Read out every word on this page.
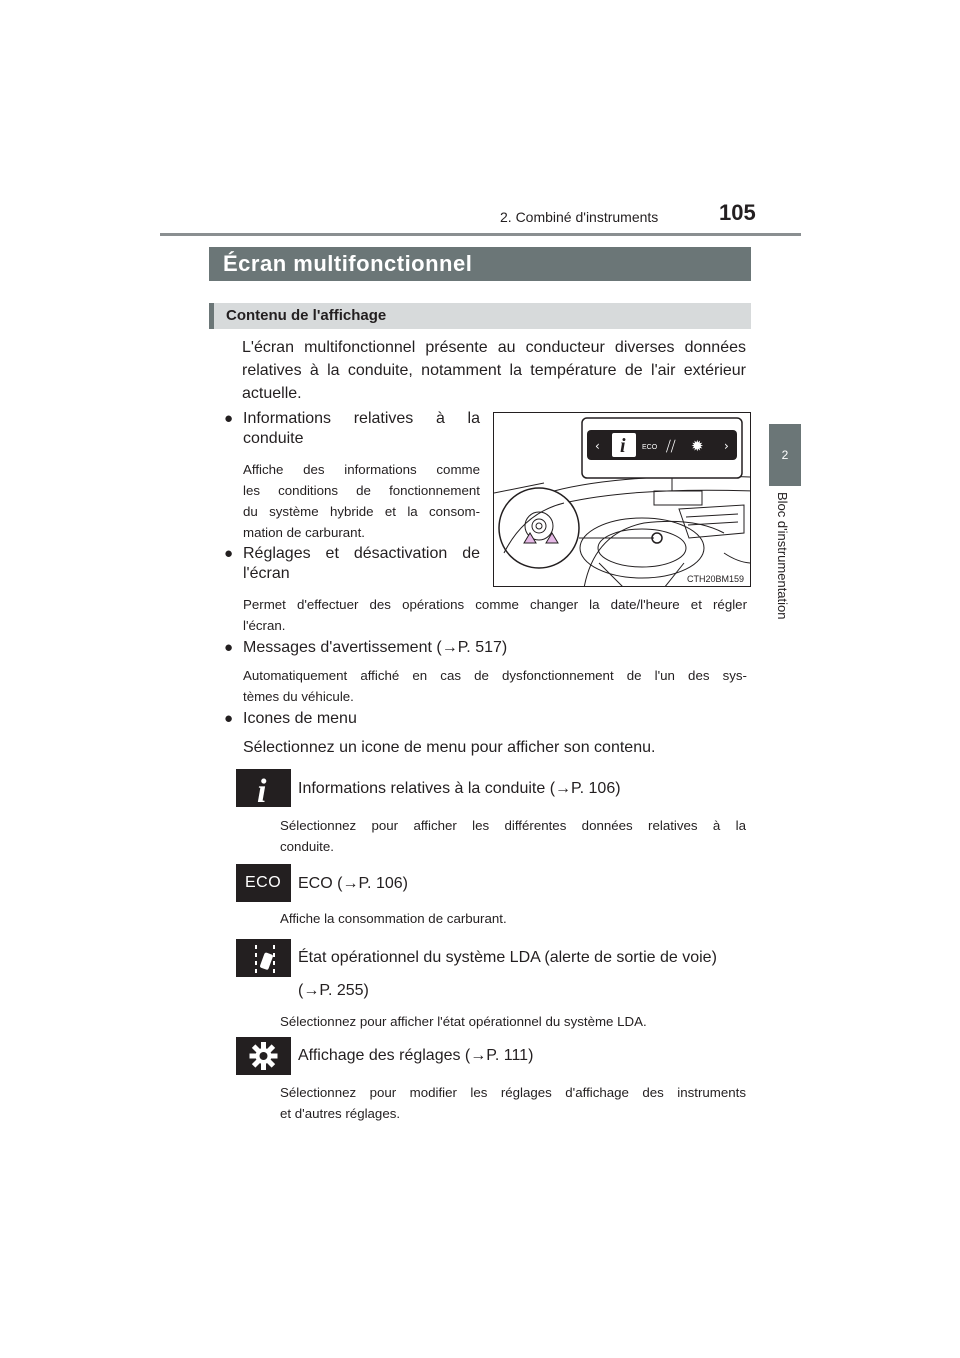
2. Combiné d'instruments	105
2
Bloc d'instrumentation
Écran multifonctionnel
Contenu de l'affichage
L'écran multifonctionnel présente au conducteur diverses données relatives à la conduite, notamment la température de l'air extérieur actuelle.
● Informations relatives à la
conduite
Affiche des informations comme
les conditions de fonctionnement
du système hybride et la consom-
mation de carburant.
● Réglages et désactivation de
l'écran
Permet d'effectuer des opérations comme changer la date/l'heure et régler
l'écran.
‹ i ECO ⧸⧸ ✹ ›
CTH20BM159
● Messages d'avertissement (→P. 517)
Automatiquement affiché en cas de dysfonctionnement de l'un des sys-
tèmes du véhicule.
● Icones de menu
Sélectionnez un icone de menu pour afficher son contenu.
i Informations relatives à la conduite (→P. 106)
Sélectionnez pour afficher les différentes données relatives à la
conduite.
ECO ECO (→P. 106)
Affiche la consommation de carburant.
État opérationnel du système LDA (alerte de sortie de voie)
(→P. 255)
Sélectionnez pour afficher l'état opérationnel du système LDA.
Affichage des réglages (→P. 111)
Sélectionnez pour modifier les réglages d'affichage des instruments
et d'autres réglages.
